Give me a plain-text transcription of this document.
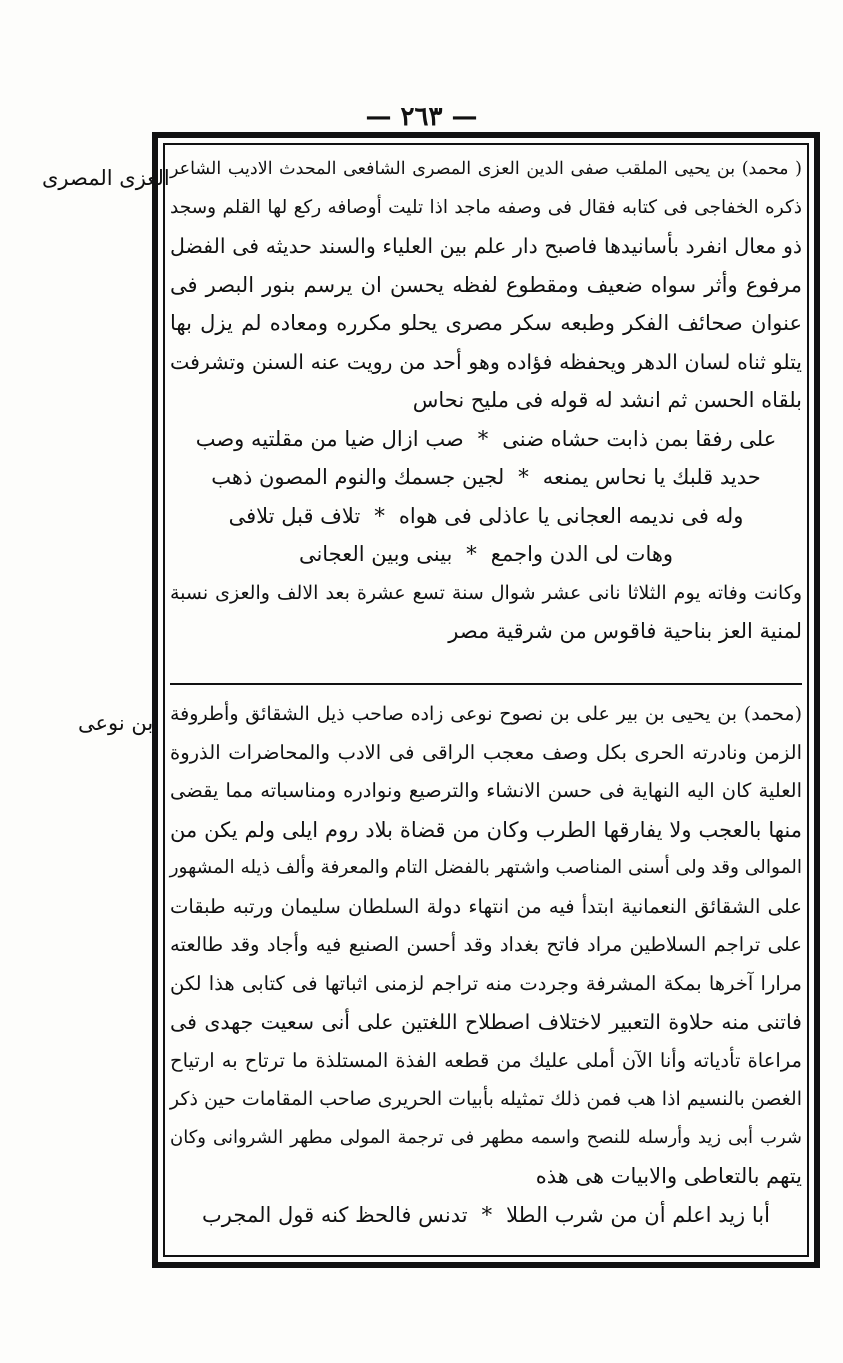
— ٢٦٣ —
العزى المصرى
ابن نوعى
( محمد) بن يحيى الملقب صفى الدين العزى المصرى الشافعى المحدث الاديب الشاعر
ذكره الخفاجى فى كتابه فقال فى وصفه ماجد اذا تليت أوصافه ركع لها القلم وسجد
ذو معال انفرد بأسانيدها فاصبح دار علم بين العلياء والسند حديثه فى الفضل
مرفوع وأثر سواه ضعيف ومقطوع لفظه يحسن ان يرسم بنور البصر فى
عنوان صحائف الفكر وطبعه سكر مصرى يحلو مكرره ومعاده لم يزل بها
يتلو ثناه لسان الدهر ويحفظه فؤاده وهو أحد من رويت عنه السنن وتشرفت
بلقاه الحسن ثم انشد له قوله فى مليح نحاس
على رفقا بمن ذابت حشاه ضنى*صب ازال ضيا من مقلتيه وصب
حديد قلبك يا نحاس يمنعه*لجين جسمك والنوم المصون ذهب
وله فى نديمه العجانى يا عاذلى فى هواه*تلاف قبل تلافى
وهات لى الدن واجمع*بينى وبين العجانى
وكانت وفاته يوم الثلاثا نانى عشر شوال سنة تسع عشرة بعد الالف والعزى نسبة
لمنية العز بناحية فاقوس من شرقية مصر
(محمد) بن يحيى بن بير على بن نصوح نوعى زاده صاحب ذيل الشقائق وأطروفة
الزمن ونادرته الحرى بكل وصف معجب الراقى فى الادب والمحاضرات الذروة
العلية كان اليه النهاية فى حسن الانشاء والترصيع ونوادره ومناسباته مما يقضى
منها بالعجب ولا يفارقها الطرب وكان من قضاة بلاد روم ايلى ولم يكن من
الموالى وقد ولى أسنى المناصب واشتهر بالفضل التام والمعرفة وألف ذيله المشهور
على الشقائق النعمانية ابتدأ فيه من انتهاء دولة السلطان سليمان ورتبه طبقات
على تراجم السلاطين مراد فاتح بغداد وقد أحسن الصنيع فيه وأجاد وقد طالعته
مرارا آخرها بمكة المشرفة وجردت منه تراجم لزمنى اثباتها فى كتابى هذا لكن
فاتنى منه حلاوة التعبير لاختلاف اصطلاح اللغتين على أنى سعيت جهدى فى
مراعاة تأدياته وأنا الآن أملى عليك من قطعه الفذة المستلذة ما ترتاح به ارتياح
الغصن بالنسيم اذا هب فمن ذلك تمثيله بأبيات الحريرى صاحب المقامات حين ذكر
شرب أبى زيد وأرسله للنصح واسمه مطهر فى ترجمة المولى مطهر الشروانى وكان
يتهم بالتعاطى والابيات هى هذه
أبا زيد اعلم أن من شرب الطلا*تدنس فالحظ كنه قول المجرب
